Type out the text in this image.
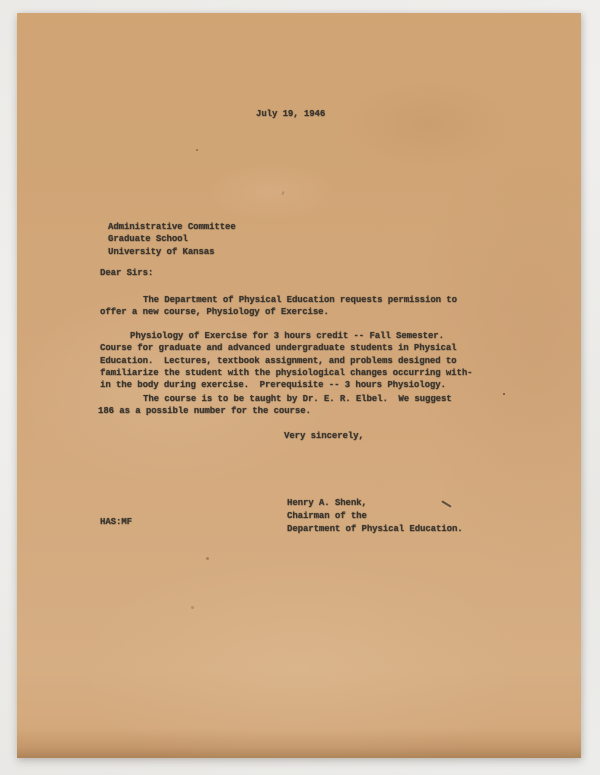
July 19, 1946
Administrative Committee
Graduate School
University of Kansas
Dear Sirs:
The Department of Physical Education requests permission to
offer a new course, Physiology of Exercise.
Physiology of Exercise for 3 hours credit -- Fall Semester.
Course for graduate and advanced undergraduate students in Physical
Education.  Lectures, textbook assignment, and problems designed to
familiarize the student with the physiological changes occurring with-
in the body during exercise.  Prerequisite -- 3 hours Physiology.
The course is to be taught by Dr. E. R. Elbel.  We suggest
186 as a possible number for the course.
Very sincerely,
Henry A. Shenk,
Chairman of the
Department of Physical Education.
HAS:MF
